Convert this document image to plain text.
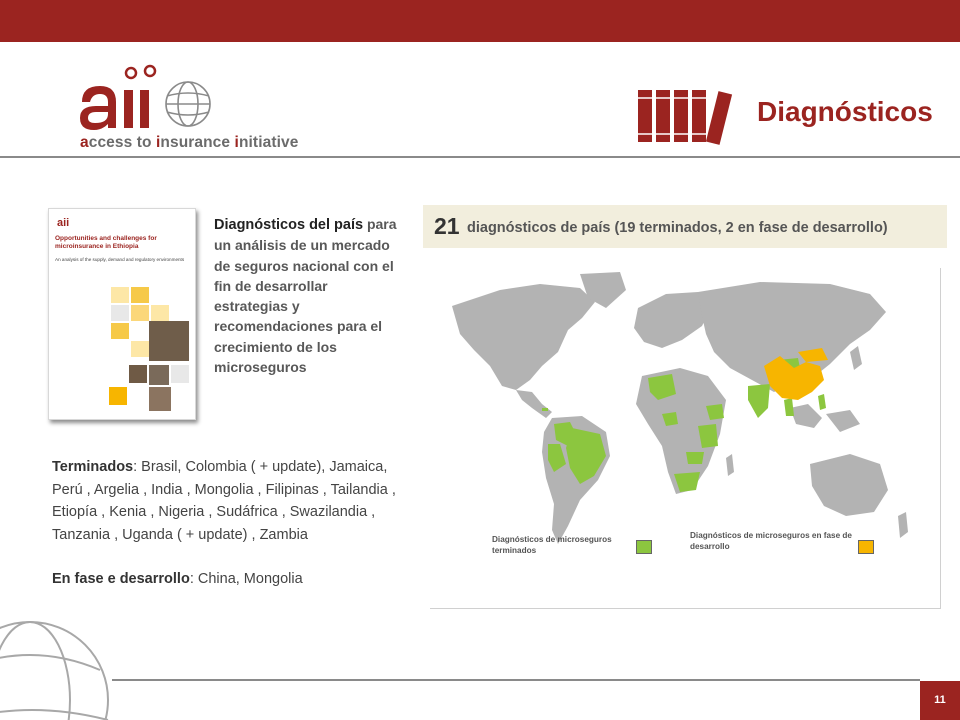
access to insurance initiative
Diagnósticos
aii
Opportunities and challenges for microinsurance in Ethiopia
An analysis of the supply, demand and regulatory environments
Diagnósticos del país para un análisis de un mercado de seguros nacional con el fin de desarrollar estrategias y recomendaciones para el crecimiento de los microseguros
21 diagnósticos de país (19 terminados, 2 en fase de desarrollo)
Diagnósticos de microseguros terminados
Diagnósticos de microseguros en fase de desarrollo

Terminados: Brasil, Colombia ( + update), Jamaica, Perú , Argelia , India , Mongolia , Filipinas , Tailandia , Etiopía , Kenia , Nigeria , Sudáfrica , Swazilandia , Tanzania , Uganda ( + update) , Zambia

En fase e desarrollo: China, Mongolia

11
